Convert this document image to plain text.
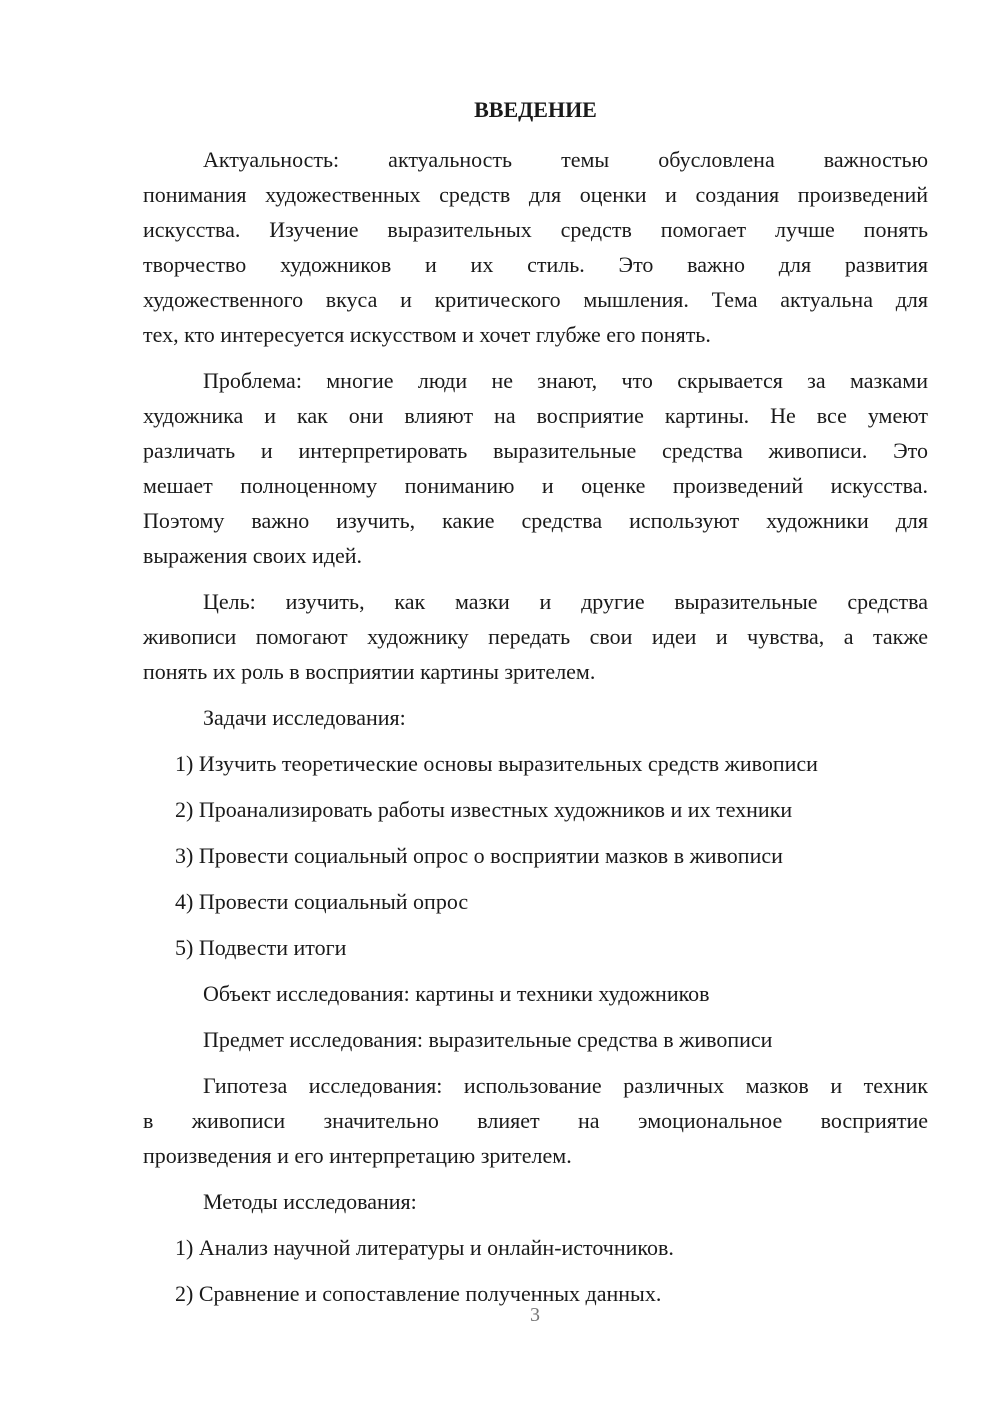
ВВЕДЕНИЕ
Актуальность: актуальность темы обусловлена важностью
понимания художественных средств для оценки и создания произведений
искусства. Изучение выразительных средств помогает лучше понять
творчество художников и их стиль. Это важно для развития
художественного вкуса и критического мышления. Тема актуальна для
тех, кто интересуется искусством и хочет глубже его понять.
Проблема: многие люди не знают, что скрывается за мазками
художника и как они влияют на восприятие картины. Не все умеют
различать и интерпретировать выразительные средства живописи. Это
мешает полноценному пониманию и оценке произведений искусства.
Поэтому важно изучить, какие средства используют художники для
выражения своих идей.
Цель: изучить, как мазки и другие выразительные средства
живописи помогают художнику передать свои идеи и чувства, а также
понять их роль в восприятии картины зрителем.
Задачи исследования:
1) Изучить теоретические основы выразительных средств живописи
2) Проанализировать работы известных художников и их техники
3) Провести социальный опрос о восприятии мазков в живописи
4) Провести социальный опрос
5) Подвести итоги
Объект исследования: картины и техники художников
Предмет исследования: выразительные средства в живописи
Гипотеза исследования: использование различных мазков и техник
в живописи значительно влияет на эмоциональное восприятие
произведения и его интерпретацию зрителем.
Методы исследования:
1) Анализ научной литературы и онлайн-источников.
2) Сравнение и сопоставление полученных данных.
3
